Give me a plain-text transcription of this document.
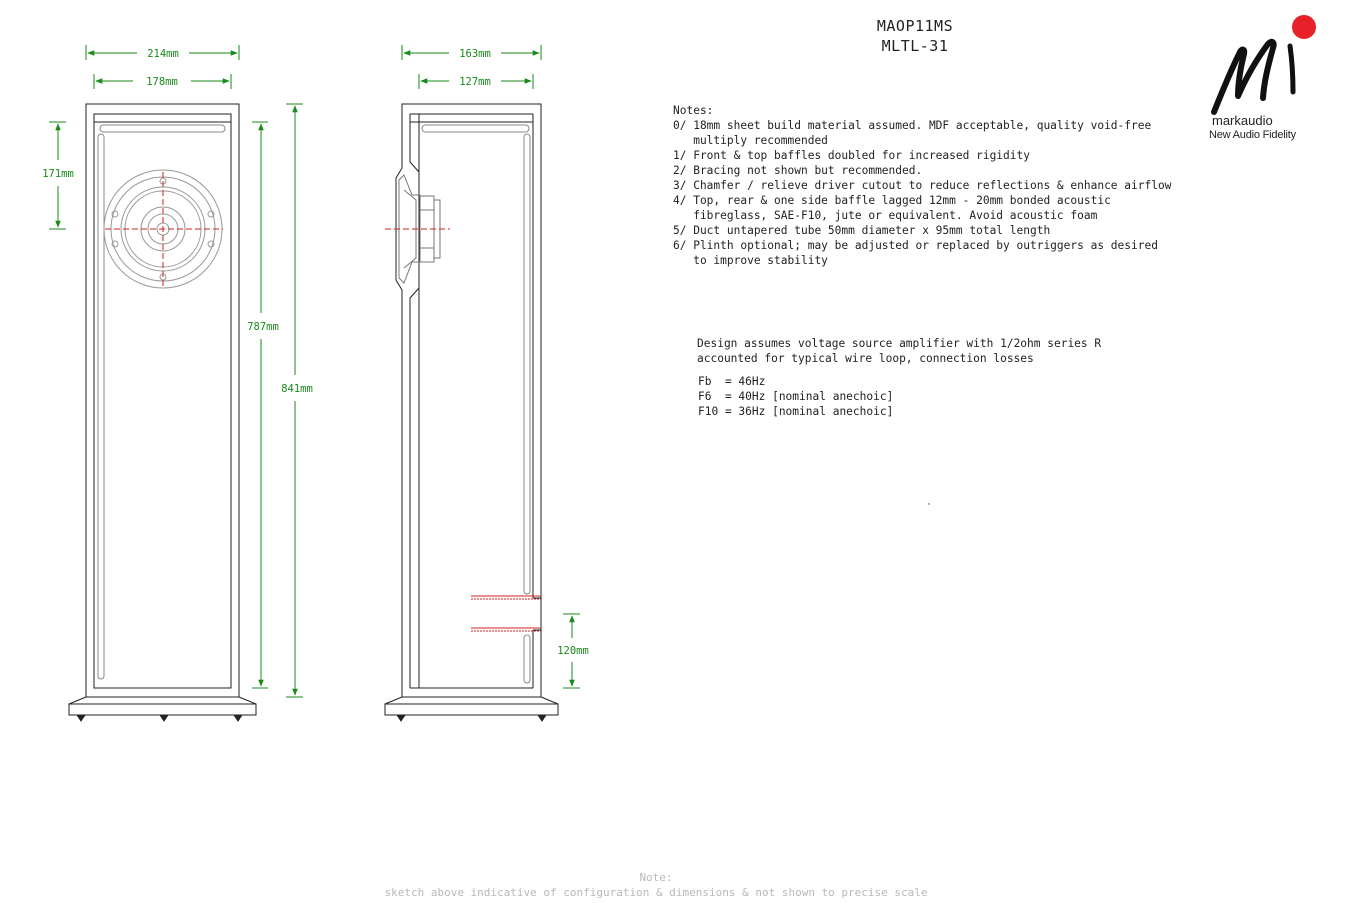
MAOP11MS
MLTL-31
214mm
178mm
171mm
787mm
841mm
163mm
127mm
120mm
Notes:
0/ 18mm sheet build material assumed. MDF acceptable, quality void-free
multiply recommended
1/ Front & top baffles doubled for increased rigidity
2/ Bracing not shown but recommended.
3/ Chamfer / relieve driver cutout to reduce reflections & enhance airflow
4/ Top, rear & one side baffle lagged 12mm - 20mm bonded acoustic
fibreglass, SAE-F10, jute or equivalent. Avoid acoustic foam
5/ Duct untapered tube 50mm diameter x 95mm total length
6/ Plinth optional; may be adjusted or replaced by outriggers as desired
to improve stability
Design assumes voltage source amplifier with 1/2ohm series R
accounted for typical wire loop, connection losses
Fb  = 46Hz
F6  = 40Hz [nominal anechoic]
F10 = 36Hz [nominal anechoic]
markaudio
New Audio Fidelity
Note:
sketch above indicative of configuration & dimensions & not shown to precise scale
